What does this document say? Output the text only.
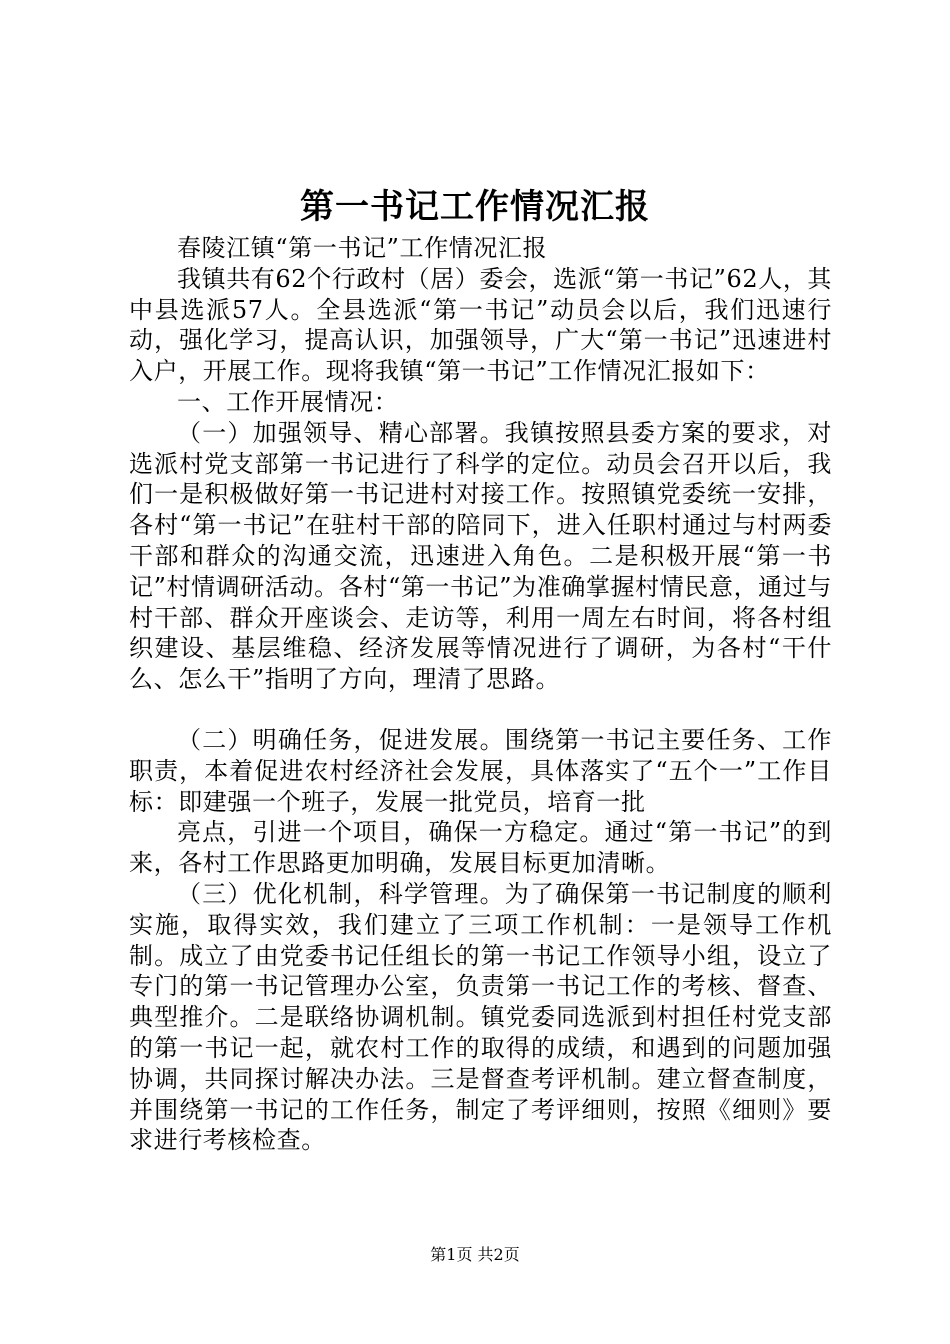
第一书记工作情况汇报

春陵江镇“第一书记”工作情况汇报

我镇共有62个行政村（居）委会，选派“第一书记”62人，其中县选派57人。全县选派“第一书记”动员会以后，我们迅速行动，强化学习，提高认识，加强领导，广大“第一书记”迅速进村入户，开展工作。现将我镇“第一书记”工作情况汇报如下：

一、工作开展情况：

（一）加强领导、精心部署。我镇按照县委方案的要求，对选派村党支部第一书记进行了科学的定位。动员会召开以后，我们一是积极做好第一书记进村对接工作。按照镇党委统一安排，各村“第一书记”在驻村干部的陪同下，进入任职村通过与村两委干部和群众的沟通交流，迅速进入角色。二是积极开展“第一书记”村情调研活动。各村“第一书记”为准确掌握村情民意，通过与村干部、群众开座谈会、走访等，利用一周左右时间，将各村组织建设、基层维稳、经济发展等情况进行了调研，为各村“干什么、怎么干”指明了方向，理清了思路。

（二）明确任务，促进发展。围绕第一书记主要任务、工作职责，本着促进农村经济社会发展，具体落实了“五个一”工作目标：即建强一个班子，发展一批党员，培育一批

亮点，引进一个项目，确保一方稳定。通过“第一书记”的到来，各村工作思路更加明确，发展目标更加清晰。

（三）优化机制，科学管理。为了确保第一书记制度的顺利实施，取得实效，我们建立了三项工作机制：一是领导工作机制。成立了由党委书记任组长的第一书记工作领导小组，设立了专门的第一书记管理办公室，负责第一书记工作的考核、督查、典型推介。二是联络协调机制。镇党委同选派到村担任村党支部的第一书记一起，就农村工作的取得的成绩，和遇到的问题加强协调，共同探讨解决办法。三是督查考评机制。建立督查制度，并围绕第一书记的工作任务，制定了考评细则，按照《细则》要求进行考核检查。

第1页 共2页
